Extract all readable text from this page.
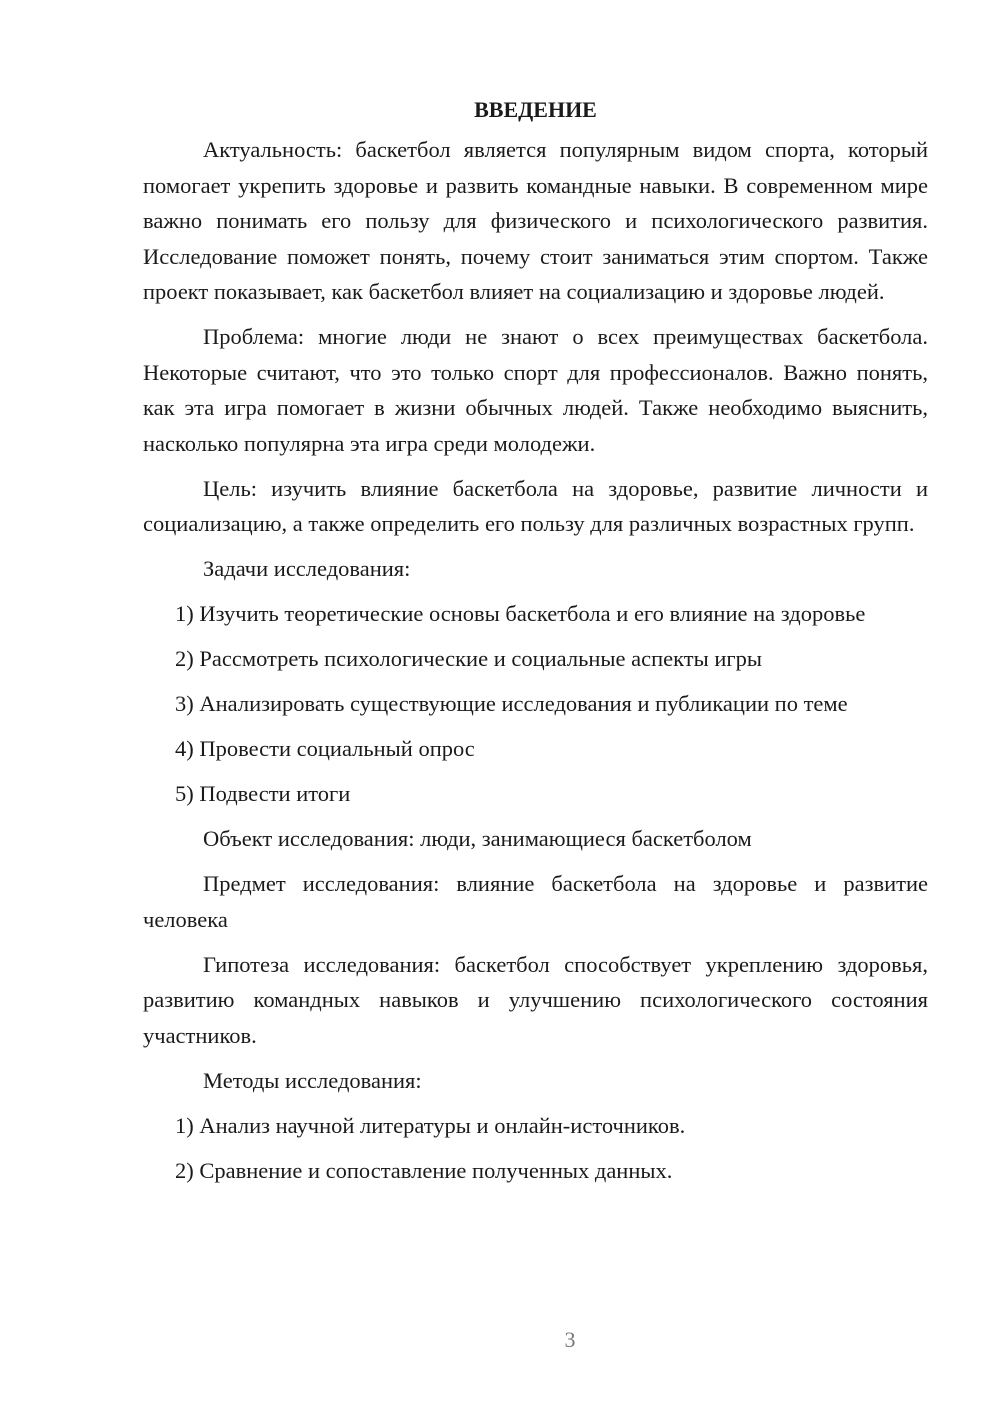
ВВЕДЕНИЕ

Актуальность: баскетбол является популярным видом спорта, который помогает укрепить здоровье и развить командные навыки. В современном мире важно понимать его пользу для физического и психологического развития. Исследование поможет понять, почему стоит заниматься этим спортом. Также проект показывает, как баскетбол влияет на социализацию и здоровье людей.

Проблема: многие люди не знают о всех преимуществах баскетбола. Некоторые считают, что это только спорт для профессионалов. Важно понять, как эта игра помогает в жизни обычных людей. Также необходимо выяснить, насколько популярна эта игра среди молодежи.

Цель: изучить влияние баскетбола на здоровье, развитие личности и социализацию, а также определить его пользу для различных возрастных групп.

Задачи исследования:

1) Изучить теоретические основы баскетбола и его влияние на здоровье

2) Рассмотреть психологические и социальные аспекты игры

3) Анализировать существующие исследования и публикации по теме

4) Провести социальный опрос

5) Подвести итоги

Объект исследования: люди, занимающиеся баскетболом

Предмет исследования: влияние баскетбола на здоровье и развитие человека

Гипотеза исследования: баскетбол способствует укреплению здоровья, развитию командных навыков и улучшению психологического состояния участников.

Методы исследования:

1) Анализ научной литературы и онлайн-источников.

2) Сравнение и сопоставление полученных данных.

3
